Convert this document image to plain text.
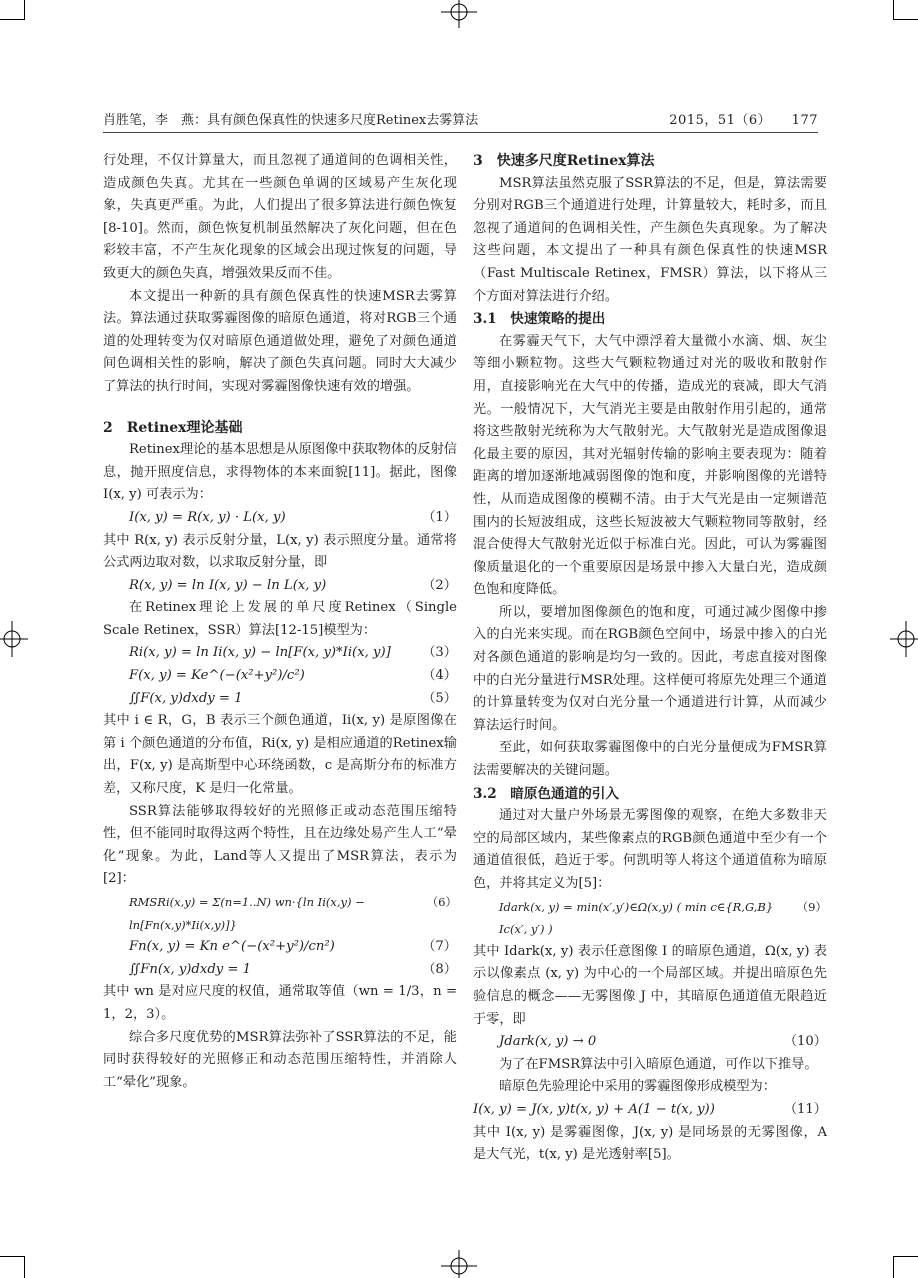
肖胜笔，李　燕：具有颜色保真性的快速多尺度Retinex去雾算法	2015，51（6）　　177

行处理，不仅计算量大，而且忽视了通道间的色调相关性，造成颜色失真。尤其在一些颜色单调的区域易产生灰化现象，失真更严重。为此，人们提出了很多算法进行颜色恢复[8-10]。然而，颜色恢复机制虽然解决了灰化问题，但在色彩较丰富，不产生灰化现象的区域会出现过恢复的问题，导致更大的颜色失真，增强效果反而不佳。

本文提出一种新的具有颜色保真性的快速MSR去雾算法。算法通过获取雾霾图像的暗原色通道，将对RGB三个通道的处理转变为仅对暗原色通道做处理，避免了对颜色通道间色调相关性的影响，解决了颜色失真问题。同时大大减少了算法的执行时间，实现对雾霾图像快速有效的增强。

2　Retinex理论基础

Retinex理论的基本思想是从原图像中获取物体的反射信息，抛开照度信息，求得物体的本来面貌[11]。据此，图像 I(x, y) 可表示为：

I(x, y) = R(x, y) · L(x, y)	（1）

其中 R(x, y) 表示反射分量，L(x, y) 表示照度分量。通常将公式两边取对数，以求取反射分量，即

R(x, y) = ln I(x, y) − ln L(x, y)	（2）

在Retinex理论上发展的单尺度Retinex（Single Scale Retinex，SSR）算法[12-15]模型为：

Ri(x, y) = ln Ii(x, y) − ln[F(x, y)*Ii(x, y)] （3）
F(x, y) = Ke^(−(x²+y²)/c²)	（4）
∬F(x, y)dxdy = 1	（5）

其中 i ∈ R，G，B 表示三个颜色通道，Ii(x, y) 是原图像在第 i 个颜色通道的分布值，Ri(x, y) 是相应通道的Retinex输出，F(x, y) 是高斯型中心环绕函数，c 是高斯分布的标准方差，又称尺度，K 是归一化常量。

SSR算法能够取得较好的光照修正或动态范围压缩特性，但不能同时取得这两个特性，且在边缘处易产生人工“晕化”现象。为此，Land等人又提出了MSR算法，表示为[2]：

RMSRi(x,y) = Σ(n=1..N) wn·{ln Ii(x,y) − ln[Fn(x,y)*Ii(x,y)]}
（6）
Fn(x, y) = Kn e^(−(x²+y²)/cn²)	（7）
∬Fn(x, y)dxdy = 1	（8）

其中 wn 是对应尺度的权值，通常取等值（wn = 1/3，n = 1，2，3）。

综合多尺度优势的MSR算法弥补了SSR算法的不足，能同时获得较好的光照修正和动态范围压缩特性，并消除人工“晕化”现象。

3　快速多尺度Retinex算法

MSR算法虽然克服了SSR算法的不足，但是，算法需要分别对RGB三个通道进行处理，计算量较大，耗时多，而且忽视了通道间的色调相关性，产生颜色失真现象。为了解决这些问题，本文提出了一种具有颜色保真性的快速MSR（Fast Multiscale Retinex，FMSR）算法，以下将从三个方面对算法进行介绍。

3.1　快速策略的提出

在雾霾天气下，大气中漂浮着大量微小水滴、烟、灰尘等细小颗粒物。这些大气颗粒物通过对光的吸收和散射作用，直接影响光在大气中的传播，造成光的衰减，即大气消光。一般情况下，大气消光主要是由散射作用引起的，通常将这些散射光统称为大气散射光。大气散射光是造成图像退化最主要的原因，其对光辐射传输的影响主要表现为：随着距离的增加逐渐地减弱图像的饱和度，并影响图像的光谱特性，从而造成图像的模糊不清。由于大气光是由一定频谱范围内的长短波组成，这些长短波被大气颗粒物同等散射，经混合使得大气散射光近似于标准白光。因此，可认为雾霾图像质量退化的一个重要原因是场景中掺入大量白光，造成颜色饱和度降低。

所以，要增加图像颜色的饱和度，可通过减少图像中掺入的白光来实现。而在RGB颜色空间中，场景中掺入的白光对各颜色通道的影响是均匀一致的。因此，考虑直接对图像中的白光分量进行MSR处理。这样便可将原先处理三个通道的计算量转变为仅对白光分量一个通道进行计算，从而减少算法运行时间。

至此，如何获取雾霾图像中的白光分量便成为FMSR算法需要解决的关键问题。

3.2　暗原色通道的引入

通过对大量户外场景无雾图像的观察，在绝大多数非天空的局部区域内，某些像素点的RGB颜色通道中至少有一个通道值很低，趋近于零。何凯明等人将这个通道值称为暗原色，并将其定义为[5]：

Idark(x, y) = min(x′,y′)∈Ω(x,y) ( min c∈{R,G,B} Ic(x′, y′) )
（9）

其中 Idark(x, y) 表示任意图像 I 的暗原色通道，Ω(x, y) 表示以像素点 (x, y) 为中心的一个局部区域。并提出暗原色先验信息的概念——无雾图像 J 中，其暗原色通道值无限趋近于零，即

Jdark(x, y) → 0	（10）

为了在FMSR算法中引入暗原色通道，可作以下推导。

暗原色先验理论中采用的雾霾图像形成模型为：

I(x, y) = J(x, y)t(x, y) + A(1 − t(x, y))	（11）

其中 I(x, y) 是雾霾图像，J(x, y) 是同场景的无雾图像，A 是大气光，t(x, y) 是光透射率[5]。
